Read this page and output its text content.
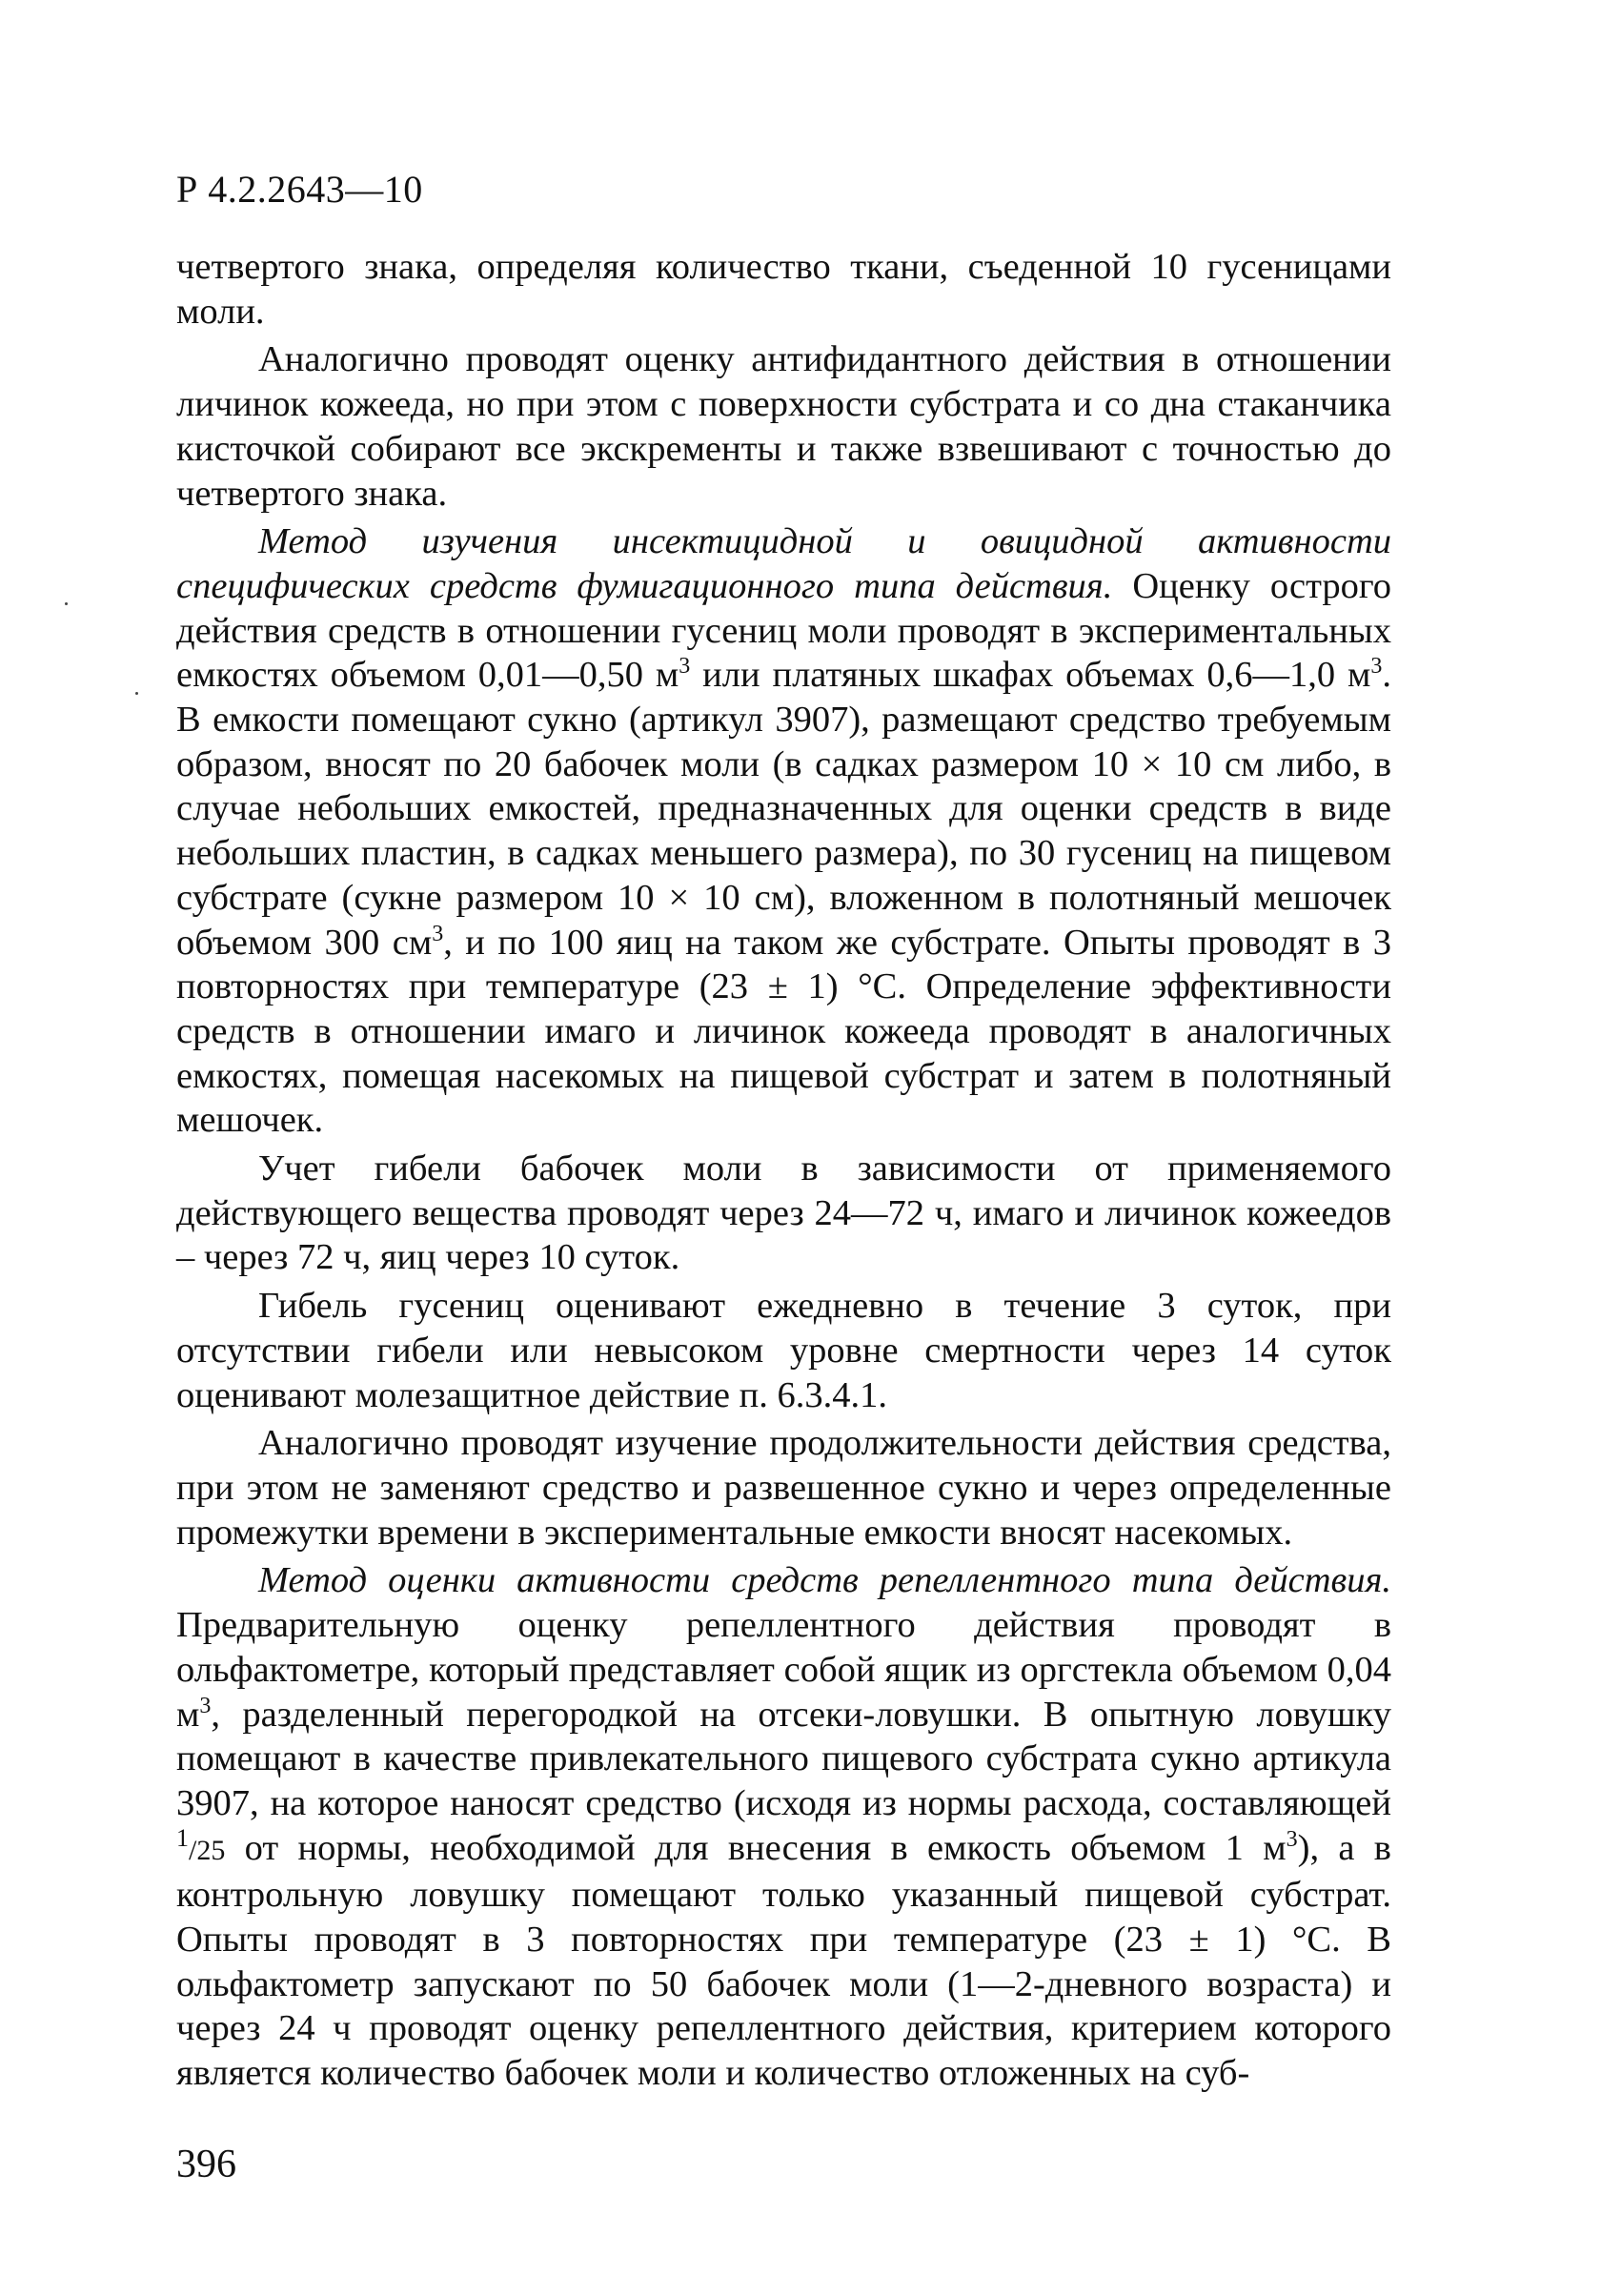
Р 4.2.2643—10

четвертого знака, определяя количество ткани, съеденной 10 гусеницами моли.

Аналогично проводят оценку антифидантного действия в отношении личинок кожееда, но при этом с поверхности субстрата и со дна стаканчика кисточкой собирают все экскременты и также взвешивают с точностью до четвертого знака.

Метод изучения инсектицидной и овицидной активности специфических средств фумигационного типа действия. Оценку острого действия средств в отношении гусениц моли проводят в экспериментальных емкостях объемом 0,01—0,50 $м^3$ или платяных шкафах объемах 0,6—1,0 $м^3$. В емкости помещают сукно (артикул 3907), размещают средство требуемым образом, вносят по 20 бабочек моли (в садках размером 10 × 10 см либо, в случае небольших емкостей, предназначенных для оценки средств в виде небольших пластин, в садках меньшего размера), по 30 гусениц на пищевом субстрате (сукне размером 10 × 10 см), вложенном в полотняный мешочек объемом 300 $см^3$, и по 100 яиц на таком же субстрате. Опыты проводят в 3 повторностях при температуре (23 ± 1) °С. Определение эффективности средств в отношении имаго и личинок кожееда проводят в аналогичных емкостях, помещая насекомых на пищевой субстрат и затем в полотняный мешочек.

Учет гибели бабочек моли в зависимости от применяемого действующего вещества проводят через 24—72 ч, имаго и личинок кожеедов – через 72 ч, яиц через 10 суток.

Гибель гусениц оценивают ежедневно в течение 3 суток, при отсутствии гибели или невысоком уровне смертности через 14 суток оценивают молезащитное действие п. 6.3.4.1.

Аналогично проводят изучение продолжительности действия средства, при этом не заменяют средство и развешенное сукно и через определенные промежутки времени в экспериментальные емкости вносят насекомых.

Метод оценки активности средств репеллентного типа действия. Предварительную оценку репеллентного действия проводят в ольфактометре, который представляет собой ящик из оргстекла объемом 0,04 $м^3$, разделенный перегородкой на отсеки-ловушки. В опытную ловушку помещают в качестве привлекательного пищевого субстрата сукно артикула 3907, на которое наносят средство (исходя из нормы расхода, составляющей $^1$/25 от нормы, необходимой для внесения в емкость объемом 1 $м^3$), а в контрольную ловушку помещают только указанный пищевой субстрат. Опыты проводят в 3 повторностях при температуре (23 ± 1) °С. В ольфактометр запускают по 50 бабочек моли (1—2-дневного возраста) и через 24 ч проводят оценку репеллентного действия, критерием которого является количество бабочек моли и количество отложенных на суб-

396
